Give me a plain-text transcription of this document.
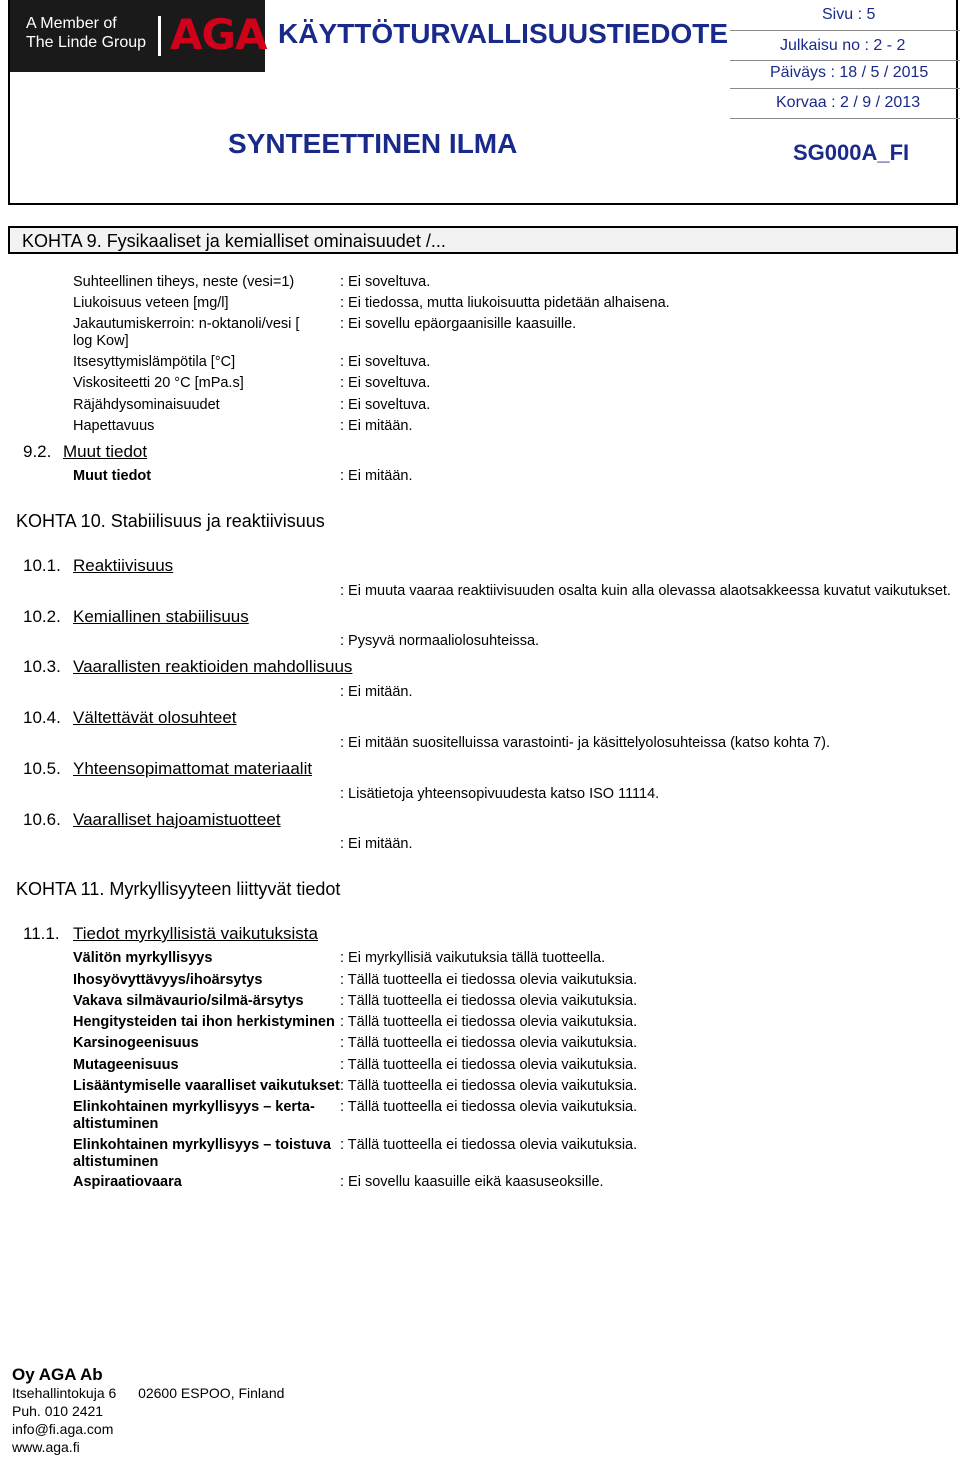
A Member of
The Linde Group AGA KÄYTTÖTURVALLISUUSTIEDOTE
SYNTEETTINEN ILMA
Sivu : 5
Julkaisu no : 2 - 2
Päiväys : 18 / 5 / 2015
Korvaa : 2 / 9 / 2013
SG000A_FI
KOHTA 9. Fysikaaliset ja kemialliset ominaisuudet /...
Suhteellinen tiheys, neste (vesi=1)	: Ei soveltuva.
Liukoisuus veteen [mg/l]	: Ei tiedossa, mutta liukoisuutta pidetään alhaisena.
Jakautumiskerroin: n-oktanoli/vesi [	: Ei sovellu epäorgaanisille kaasuille.
log Kow]
Itsesyttymislämpötila [°C]	: Ei soveltuva.
Viskositeetti 20 °C [mPa.s]	: Ei soveltuva.
Räjähdysominaisuudet	: Ei soveltuva.
Hapettavuus	: Ei mitään.
9.2. Muut tiedot
Muut tiedot	: Ei mitään.
KOHTA 10. Stabiilisuus ja reaktiivisuus
10.1. Reaktiivisuus
: Ei muuta vaaraa reaktiivisuuden osalta kuin alla olevassa alaotsakkeessa kuvatut vaikutukset.
10.2. Kemiallinen stabiilisuus
: Pysyvä normaaliolosuhteissa.
10.3. Vaarallisten reaktioiden mahdollisuus
: Ei mitään.
10.4. Vältettävät olosuhteet
: Ei mitään suositelluissa varastointi- ja käsittelyolosuhteissa (katso kohta 7).
10.5. Yhteensopimattomat materiaalit
: Lisätietoja yhteensopivuudesta katso ISO 11114.
10.6. Vaaralliset hajoamistuotteet
: Ei mitään.
KOHTA 11. Myrkyllisyyteen liittyvät tiedot
11.1. Tiedot myrkyllisistä vaikutuksista
Välitön myrkyllisyys	: Ei myrkyllisiä vaikutuksia tällä tuotteella.
Ihosyövyttävyys/ihoärsytys	: Tällä tuotteella ei tiedossa olevia vaikutuksia.
Vakava silmävaurio/silmä-ärsytys	: Tällä tuotteella ei tiedossa olevia vaikutuksia.
Hengitysteiden tai ihon herkistyminen : Tällä tuotteella ei tiedossa olevia vaikutuksia.
Karsinogeenisuus	: Tällä tuotteella ei tiedossa olevia vaikutuksia.
Mutageenisuus	: Tällä tuotteella ei tiedossa olevia vaikutuksia.
Lisääntymiselle vaaralliset vaikutukset : Tällä tuotteella ei tiedossa olevia vaikutuksia.
Elinkohtainen myrkyllisyys – kerta-
altistuminen
: Tällä tuotteella ei tiedossa olevia vaikutuksia.
Elinkohtainen myrkyllisyys – toistuva
altistuminen
: Tällä tuotteella ei tiedossa olevia vaikutuksia.
Aspiraatiovaara	: Ei sovellu kaasuille eikä kaasuseoksille.
Oy AGA Ab
Itsehallintokuja 6 02600 ESPOO, Finland
Puh. 010 2421
info@fi.aga.com
www.aga.fi
